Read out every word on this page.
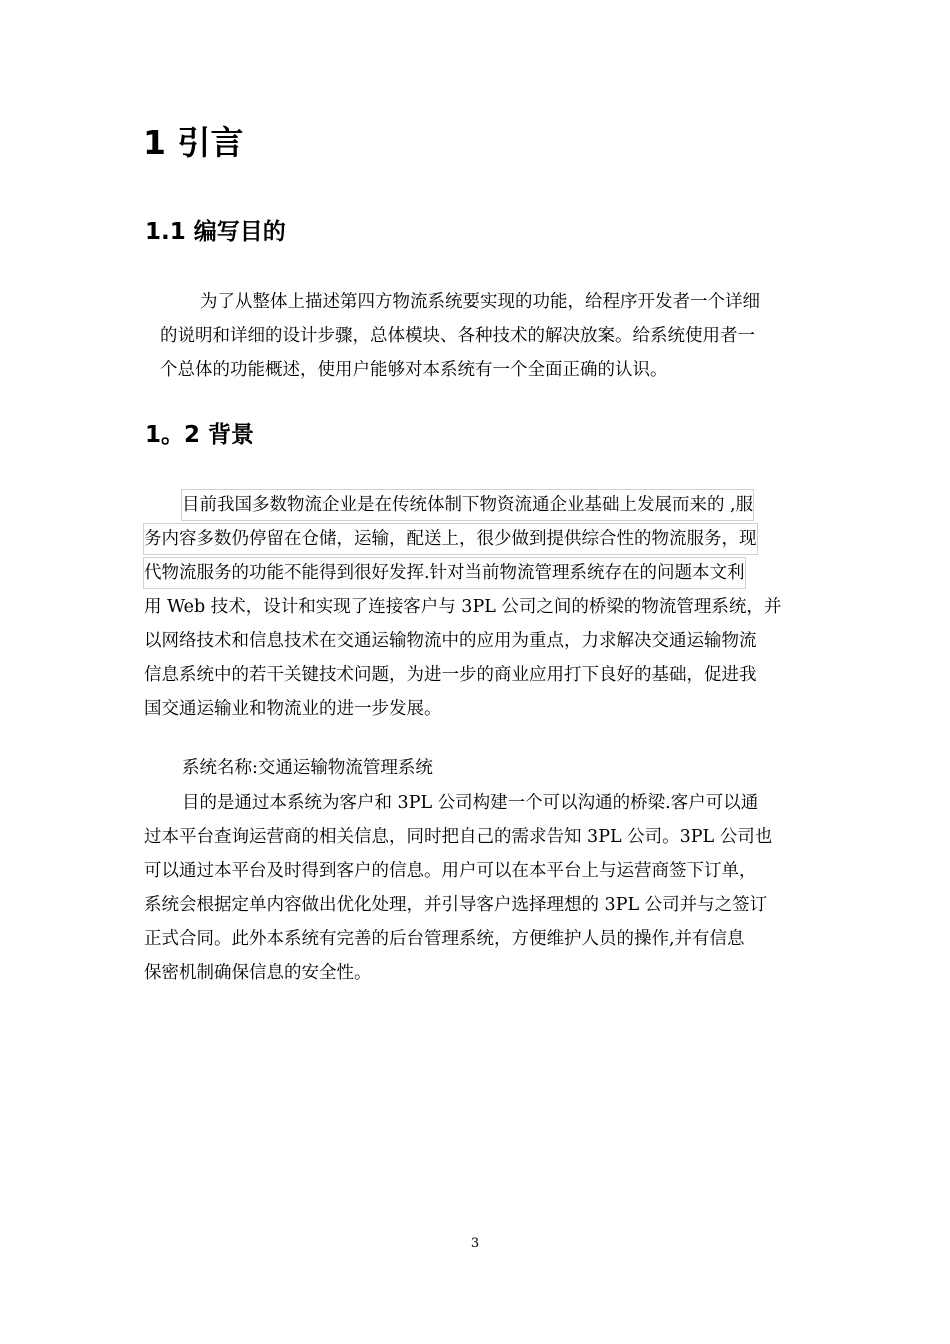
1 引言
1.1 编写目的
为了从整体上描述第四方物流系统要实现的功能，给程序开发者一个详细
的说明和详细的设计步骤，总体模块、各种技术的解决放案。给系统使用者一
个总体的功能概述，使用户能够对本系统有一个全面正确的认识。
1。2 背景
目前我国多数物流企业是在传统体制下物资流通企业基础上发展而来的 ,服
务内容多数仍停留在仓储，运输，配送上，很少做到提供综合性的物流服务，现
代物流服务的功能不能得到很好发挥.针对当前物流管理系统存在的问题本文利
用 Web 技术，设计和实现了连接客户与 3PL 公司之间的桥梁的物流管理系统，并
以网络技术和信息技术在交通运输物流中的应用为重点，力求解决交通运输物流
信息系统中的若干关键技术问题，为进一步的商业应用打下良好的基础，促进我
国交通运输业和物流业的进一步发展。
系统名称:交通运输物流管理系统
目的是通过本系统为客户和 3PL 公司构建一个可以沟通的桥梁.客户可以通
过本平台查询运营商的相关信息，同时把自己的需求告知 3PL 公司。3PL 公司也
可以通过本平台及时得到客户的信息。用户可以在本平台上与运营商签下订单，
系统会根据定单内容做出优化处理，并引导客户选择理想的 3PL 公司并与之签订
正式合同。此外本系统有完善的后台管理系统，方便维护人员的操作,并有信息
保密机制确保信息的安全性。
3
